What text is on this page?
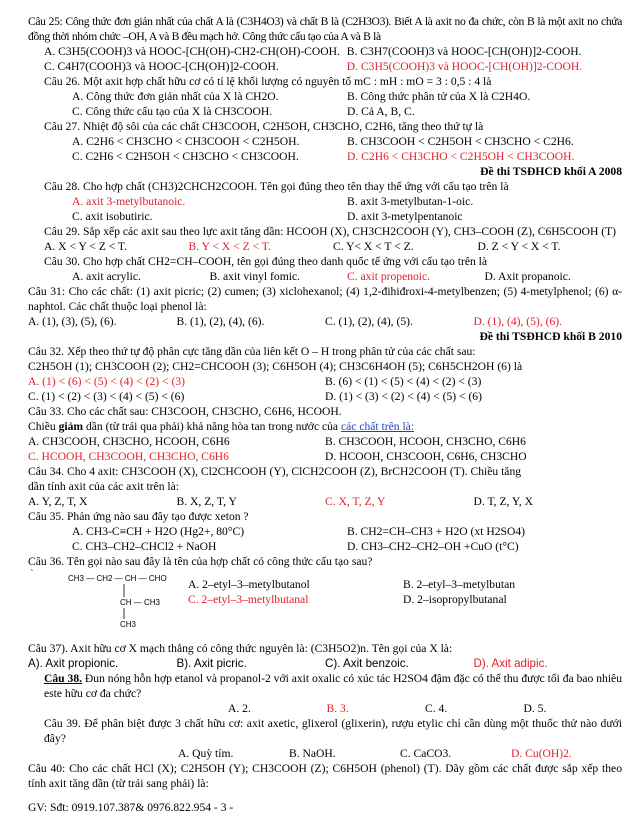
Câu 25: Công thức đơn giản nhất của chất A là (C3H4O3) và chất B là (C2H3O3). Biết A là axit no đa chức, còn B là một axit no chứa đồng thời nhóm chức –OH, A và B đều mạch hở. Công thức cấu tạo của A và B là
A. C3H5(COOH)3 và HOOC-[CH(OH)-CH2-CH(OH)-COOH. B. C3H7(COOH)3 và HOOC-[CH(OH)]2-COOH.
C. C4H7(COOH)3 và HOOC-[CH(OH)]2-COOH.	D. C3H5(COOH)3 và HOOC-[CH(OH)]2-COOH.
Câu 26. Một axit hợp chất hữu cơ có tỉ lệ khối lượng có nguyên tố mC : mH : mO = 3 : 0,5 : 4 là
A. Công thức đơn giản nhất của X là CH2O.	B. Công thức phân tử của X là C2H4O.
C. Công thức cấu tạo của X là CH3COOH.	D. Cả A, B, C.
Câu 27. Nhiệt độ sôi của các chất CH3COOH, C2H5OH, CH3CHO, C2H6, tăng theo thứ tự là
A. C2H6 < CH3CHO < CH3COOH < C2H5OH.	B. CH3COOH < C2H5OH < CH3CHO < C2H6.
C. C2H6 < C2H5OH < CH3CHO < CH3COOH.	D. C2H6 < CH3CHO < C2H5OH < CH3COOH.
Đề thi TSĐHCĐ khối A 2008
Câu 28. Cho hợp chất (CH3)2CHCH2COOH. Tên gọi đúng theo tên thay thế ứng với cấu tạo trên là
A. axit 3-metylbutanoic.	B. axit 3-metylbutan-1-oic.
C. axit isobutiric.	D. axit 3-metylpentanoic
Câu 29. Sắp xếp các axit sau theo lực axit tăng dần: HCOOH (X), CH3CH2COOH (Y), CH3–COOH (Z), C6H5COOH (T)
A. X < Y < Z < T.	B. Y < X < Z < T.	C. Y< X < T < Z.	D. Z < Y < X < T.
Câu 30. Cho hợp chất CH2=CH–COOH, tên gọi đúng theo danh quốc tế ứng với cấu tạo trên là
A. axit acrylic.	B. axit vinyl fomic.	C. axit propenoic.	D. Axit propanoic.
Câu 31: Cho các chất: (1) axit picric; (2) cumen; (3) xiclohexanol; (4) 1,2-đihiđroxi-4-metylbenzen; (5) 4-metylphenol; (6) α-naphtol. Các chất thuộc loại phenol là:
A. (1), (3), (5), (6).	B. (1), (2), (4), (6).	C. (1), (2), (4), (5).	D. (1), (4), (5), (6).
Đề thi TSĐHCĐ khối B 2010
Câu 32. Xếp theo thứ tự độ phân cực tăng dần của liên kết O – H trong phân tử của các chất sau:
C2H5OH (1); CH3COOH (2); CH2=CHCOOH (3); C6H5OH (4); CH3C6H4OH (5); C6H5CH2OH (6) là
A. (1) < (6) < (5) < (4) < (2) < (3)	B. (6) < (1) < (5) < (4) < (2) < (3)
C. (1) < (2) < (3) < (4) < (5) < (6)	D. (1) < (3) < (2) < (4) < (5) < (6)
Câu 33. Cho các chất sau: CH3COOH, CH3CHO, C6H6, HCOOH.
Chiều giảm dần (từ trái qua phải) khả năng hòa tan trong nước của các chất trên là:
A. CH3COOH, CH3CHO, HCOOH, C6H6	B. CH3COOH, HCOOH, CH3CHO, C6H6
C. HCOOH, CH3COOH, CH3CHO, C6H6	D. HCOOH, CH3COOH, C6H6, CH3CHO
Câu 34. Cho 4 axit: CH3COOH (X), Cl2CHCOOH (Y), ClCH2COOH (Z), BrCH2COOH (T). Chiều tăng
dần tính axit của các axit trên là:
A. Y, Z, T, X	B. X, Z, T, Y	C. X, T, Z, Y	D. T, Z, Y, X
Câu 35. Phản ứng nào sau đây tạo được xeton ?
A. CH3-C≡CH + H2O (Hg2+, 80°C)	B. CH2=CH–CH3 + H2O (xt H2SO4)
C. CH3–CH2–CHCl2 + NaOH	D. CH3–CH2–CH2–OH +CuO (t°C)
Câu 36. Tên gọi nào sau đây là tên của hợp chất có công thức cấu tạo sau?
`	CH3 — CH2 — CH — CHO
CH — CH3
CH3
A. 2–etyl–3–metylbutanol	B. 2–etyl–3–metylbutan
C. 2–etyl–3–metylbutanal	D. 2–isopropylbutanal
Câu 37). Axit hữu cơ X mạch thẳng có công thức nguyên là: (C3H5O2)n. Tên gọi của X là:
A). Axit propionic.	B). Axit picric.	C). Axit benzoic.	D). Axit adipic.
Câu 38. Đun nóng hỗn hợp etanol và propanol-2 với axit oxalic có xúc tác H2SO4 đậm đặc có thể thu được tối đa bao nhiêu este hữu cơ đa chức?
A. 2.	B. 3.	C. 4.	D. 5.
Câu 39. Để phân biệt được 3 chất hữu cơ: axit axetic, glixerol (glixerin), rượu etylic chỉ cần dùng một thuốc thử nào dưới đây?
A. Quỳ tím.	B. NaOH.	C. CaCO3.	D. Cu(OH)2.
Câu 40: Cho các chất HCl (X); C2H5OH (Y); CH3COOH (Z); C6H5OH (phenol) (T). Dãy gồm các chất được sắp xếp theo tính axit tăng dần (từ trái sang phải) là:
GV: Sđt: 0919.107.387& 0976.822.954 - 3 -
